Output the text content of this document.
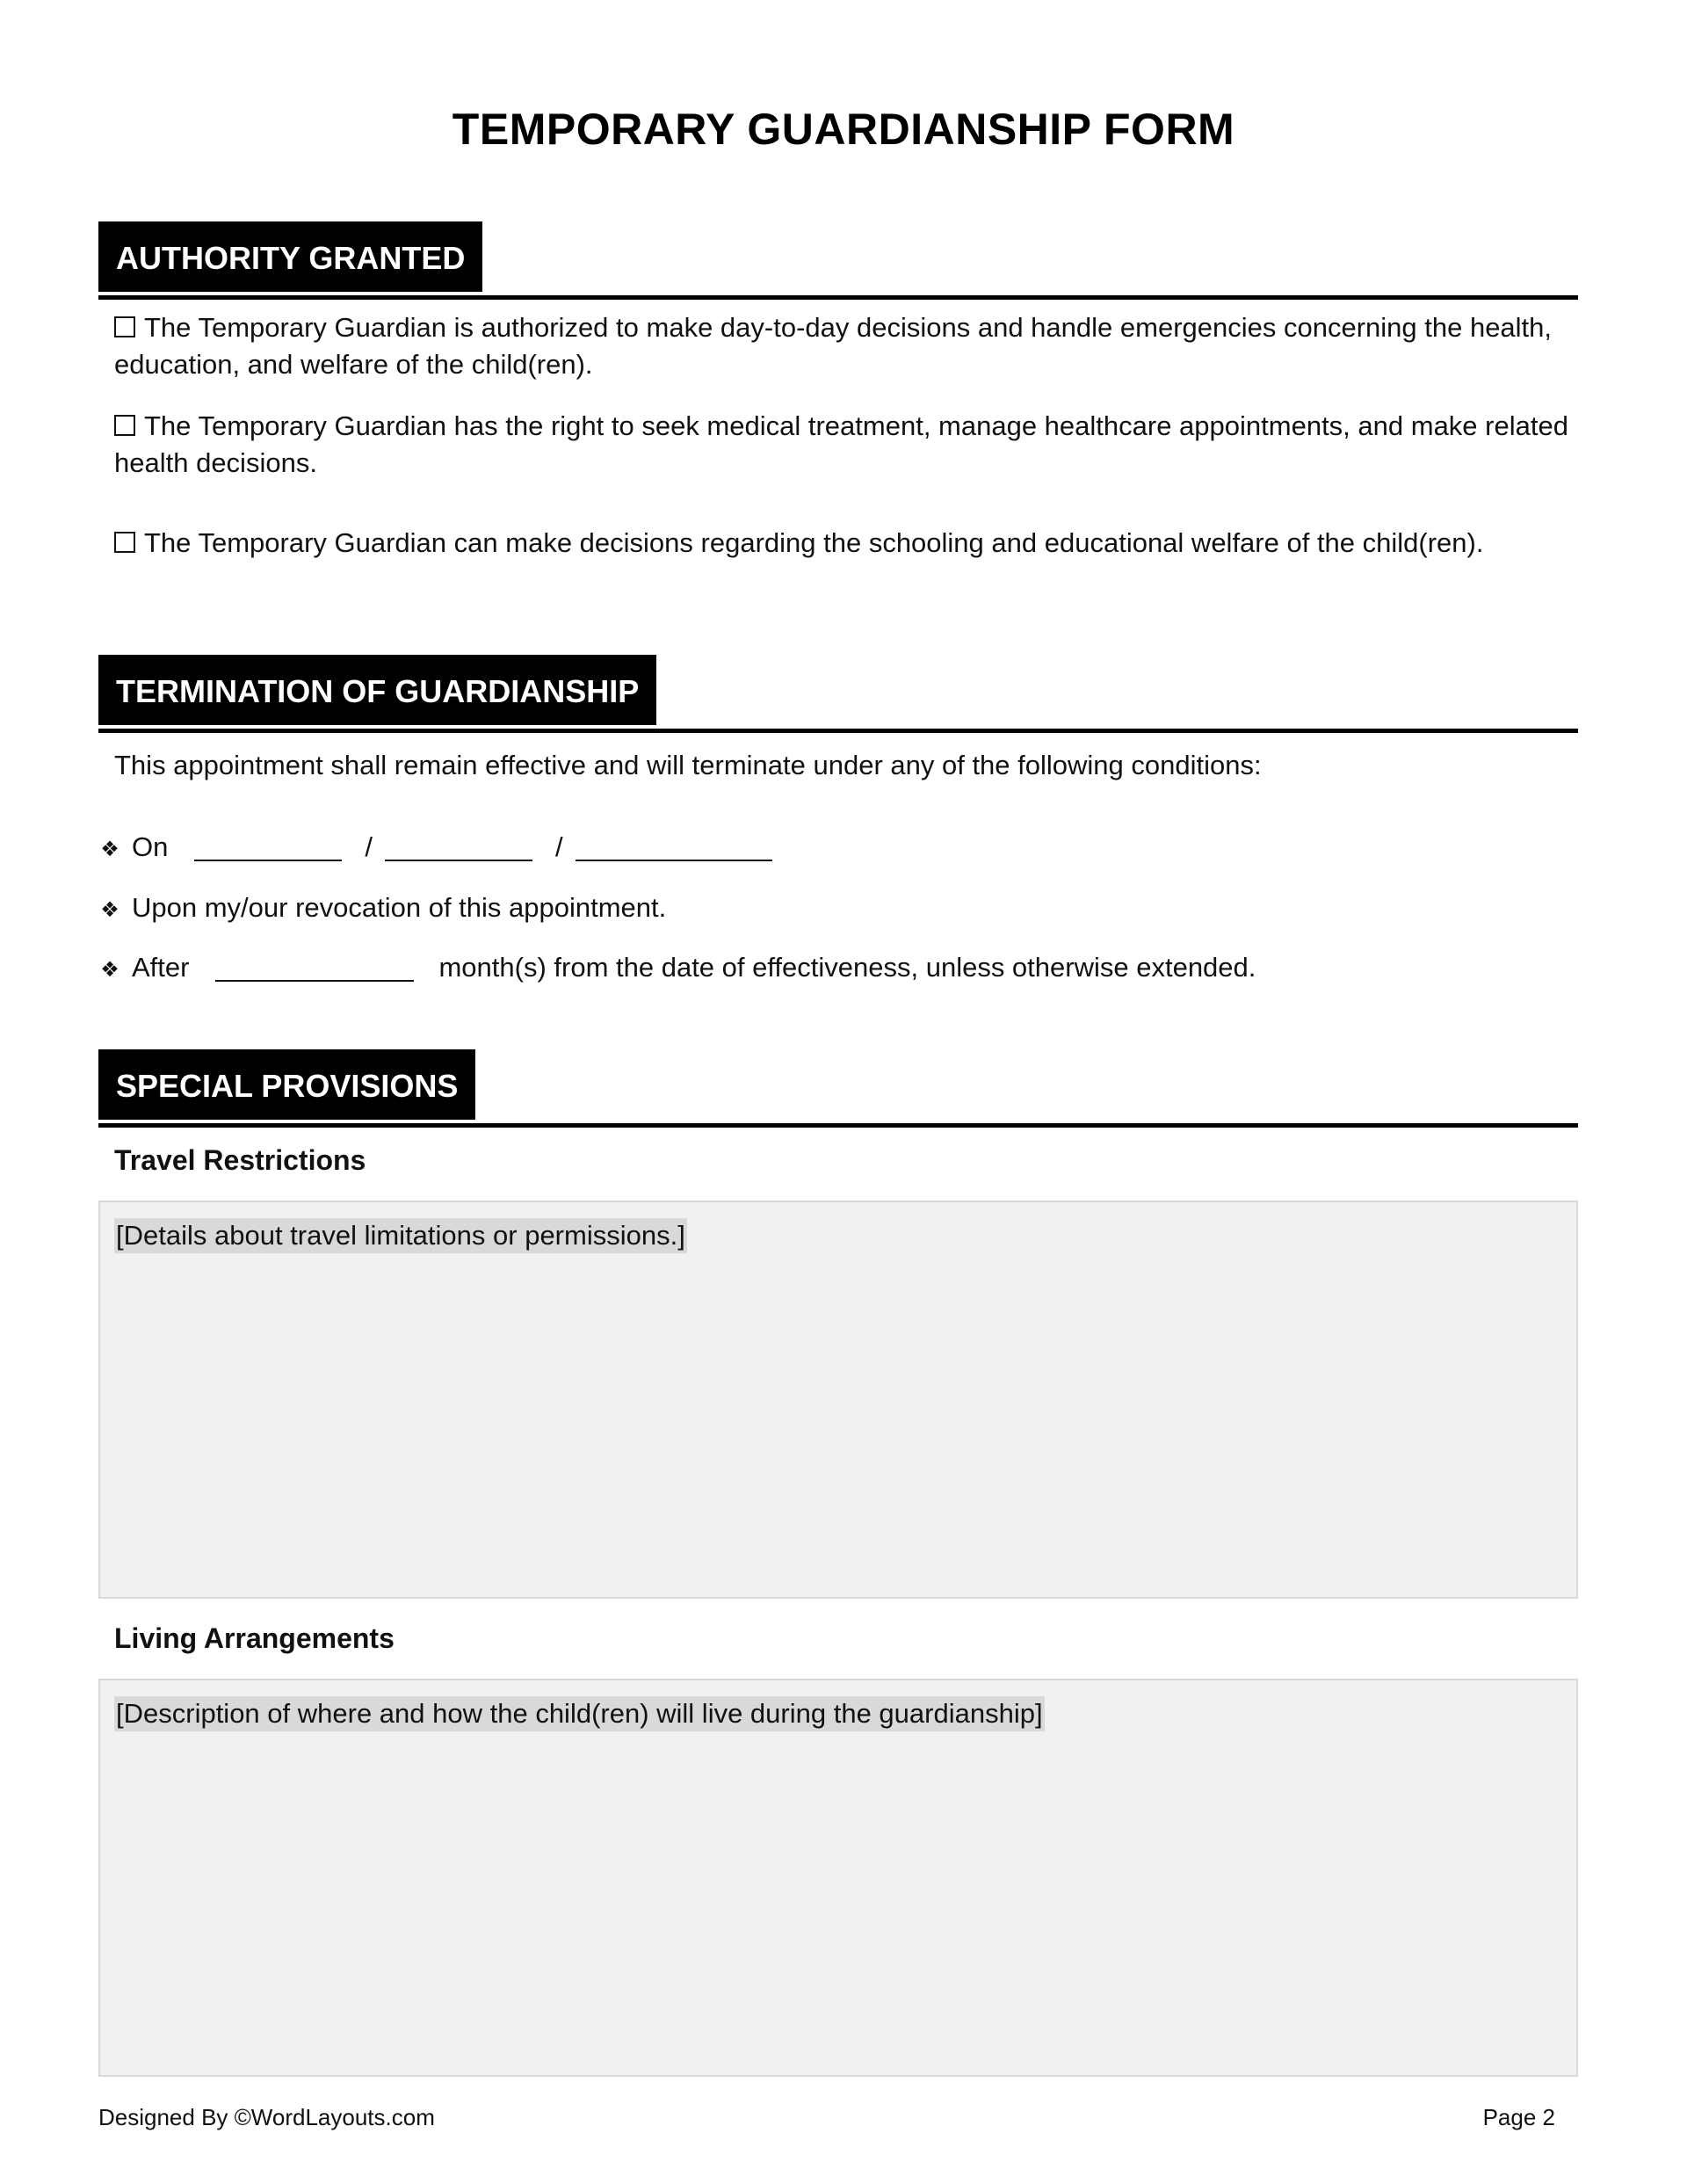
TEMPORARY GUARDIANSHIP FORM
AUTHORITY GRANTED
The Temporary Guardian is authorized to make day-to-day decisions and handle emergencies concerning the health, education, and welfare of the child(ren).
The Temporary Guardian has the right to seek medical treatment, manage healthcare appointments, and make related health decisions.
The Temporary Guardian can make decisions regarding the schooling and educational welfare of the child(ren).
TERMINATION OF GUARDIANSHIP
This appointment shall remain effective and will terminate under any of the following conditions:
❖ On	/	/
❖ Upon my/our revocation of this appointment.
❖ After	month(s) from the date of effectiveness, unless otherwise extended.
SPECIAL PROVISIONS
Travel Restrictions
[Details about travel limitations or permissions.]
Living Arrangements
[Description of where and how the child(ren) will live during the guardianship]
Designed By ©WordLayouts.com	Page 2
